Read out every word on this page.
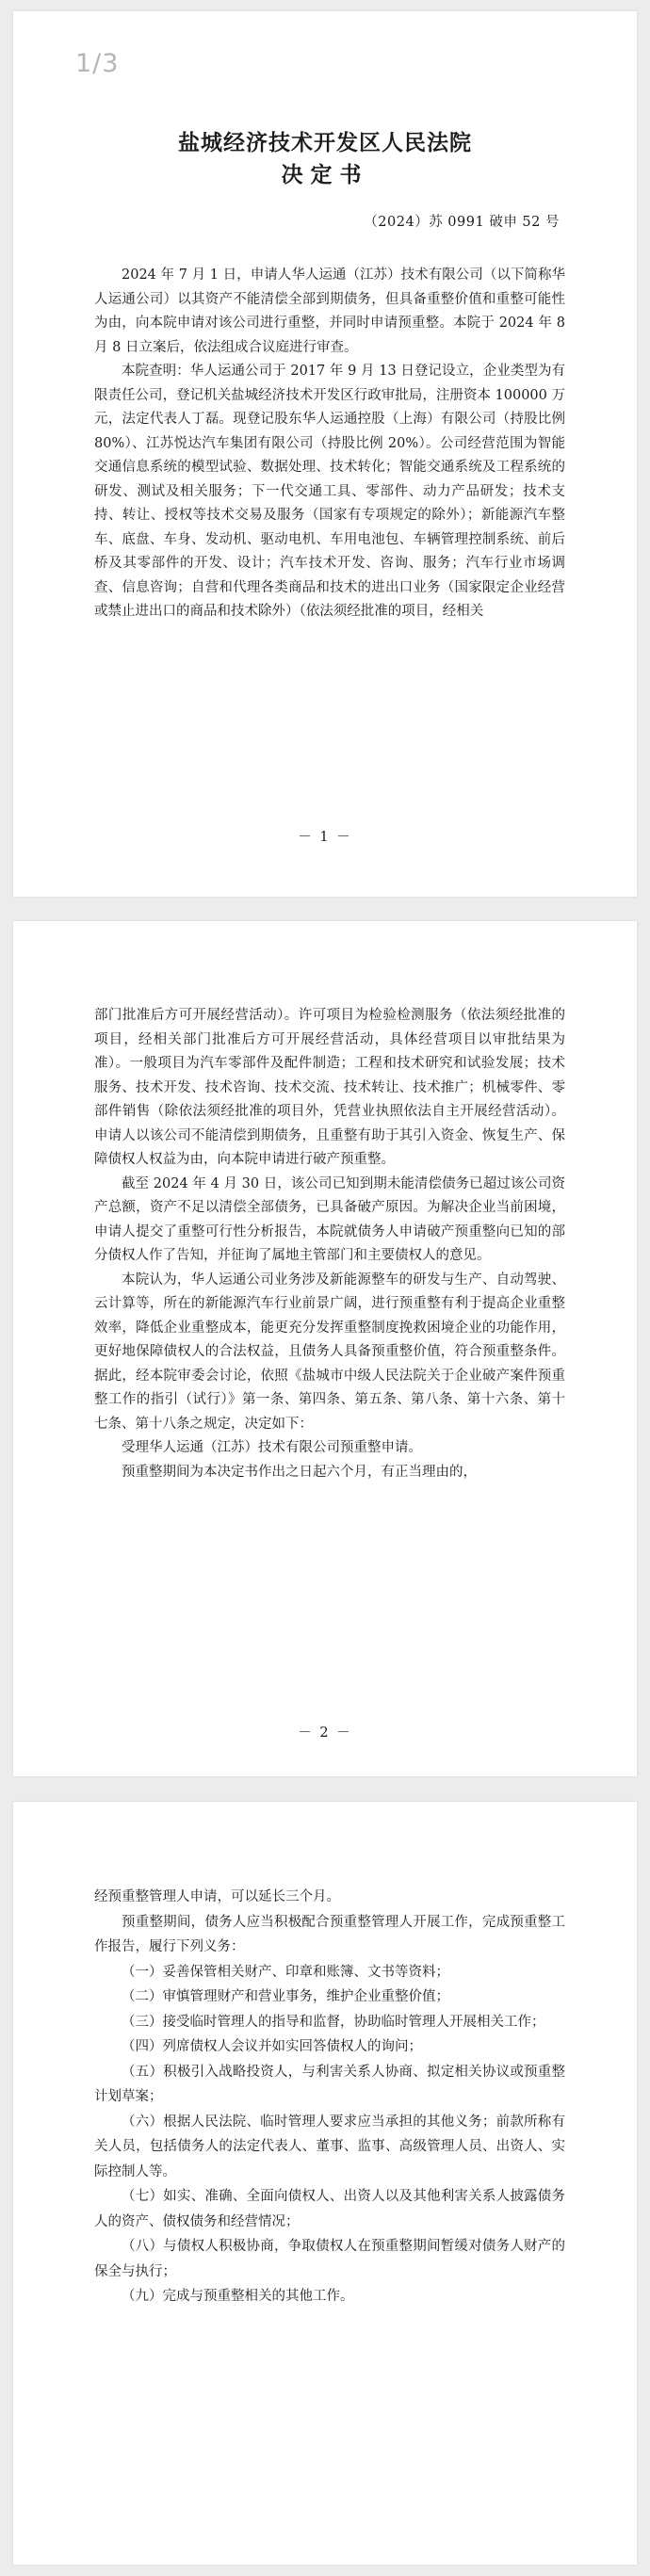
1/3
盐城经济技术开发区人民法院
决定书
（2024）苏 0991 破申 52 号

2024 年 7 月 1 日，申请人华人运通（江苏）技术有限公司（以下简称华人运通公司）以其资产不能清偿全部到期债务，但具备重整价值和重整可能性为由，向本院申请对该公司进行重整，并同时申请预重整。本院于 2024 年 8 月 8 日立案后，依法组成合议庭进行审查。

本院查明：华人运通公司于 2017 年 9 月 13 日登记设立，企业类型为有限责任公司，登记机关盐城经济技术开发区行政审批局，注册资本 100000 万元，法定代表人丁磊。现登记股东华人运通控股（上海）有限公司（持股比例 80%）、江苏悦达汽车集团有限公司（持股比例 20%）。公司经营范围为智能交通信息系统的模型试验、数据处理、技术转化；智能交通系统及工程系统的研发、测试及相关服务；下一代交通工具、零部件、动力产品研发；技术支持、转让、授权等技术交易及服务（国家有专项规定的除外）；新能源汽车整车、底盘、车身、发动机、驱动电机、车用电池包、车辆管理控制系统、前后桥及其零部件的开发、设计；汽车技术开发、咨询、服务；汽车行业市场调查、信息咨询；自营和代理各类商品和技术的进出口业务（国家限定企业经营或禁止进出口的商品和技术除外）（依法须经批准的项目，经相关

－ 1 －

部门批准后方可开展经营活动）。许可项目为检验检测服务（依法须经批准的项目，经相关部门批准后方可开展经营活动，具体经营项目以审批结果为准）。一般项目为汽车零部件及配件制造；工程和技术研究和试验发展；技术服务、技术开发、技术咨询、技术交流、技术转让、技术推广；机械零件、零部件销售（除依法须经批准的项目外，凭营业执照依法自主开展经营活动）。申请人以该公司不能清偿到期债务，且重整有助于其引入资金、恢复生产、保障债权人权益为由，向本院申请进行破产预重整。

截至 2024 年 4 月 30 日，该公司已知到期未能清偿债务已超过该公司资产总额，资产不足以清偿全部债务，已具备破产原因。为解决企业当前困境，申请人提交了重整可行性分析报告，本院就债务人申请破产预重整向已知的部分债权人作了告知，并征询了属地主管部门和主要债权人的意见。

本院认为，华人运通公司业务涉及新能源整车的研发与生产、自动驾驶、云计算等，所在的新能源汽车行业前景广阔，进行预重整有利于提高企业重整效率，降低企业重整成本，能更充分发挥重整制度挽救困境企业的功能作用，更好地保障债权人的合法权益，且债务人具备预重整价值，符合预重整条件。据此，经本院审委会讨论，依照《盐城市中级人民法院关于企业破产案件预重整工作的指引（试行）》第一条、第四条、第五条、第八条、第十六条、第十七条、第十八条之规定，决定如下：

受理华人运通（江苏）技术有限公司预重整申请。

预重整期间为本决定书作出之日起六个月，有正当理由的，

－ 2 －

经预重整管理人申请，可以延长三个月。

预重整期间，债务人应当积极配合预重整管理人开展工作，完成预重整工作报告，履行下列义务：

（一）妥善保管相关财产、印章和账簿、文书等资料；

（二）审慎管理财产和营业事务，维护企业重整价值；

（三）接受临时管理人的指导和监督，协助临时管理人开展相关工作；

（四）列席债权人会议并如实回答债权人的询问；

（五）积极引入战略投资人，与利害关系人协商、拟定相关协议或预重整计划草案；

（六）根据人民法院、临时管理人要求应当承担的其他义务；前款所称有关人员，包括债务人的法定代表人、董事、监事、高级管理人员、出资人、实际控制人等。

（七）如实、准确、全面向债权人、出资人以及其他利害关系人披露债务人的资产、债权债务和经营情况；

（八）与债权人积极协商，争取债权人在预重整期间暂缓对债务人财产的保全与执行；

（九）完成与预重整相关的其他工作。
